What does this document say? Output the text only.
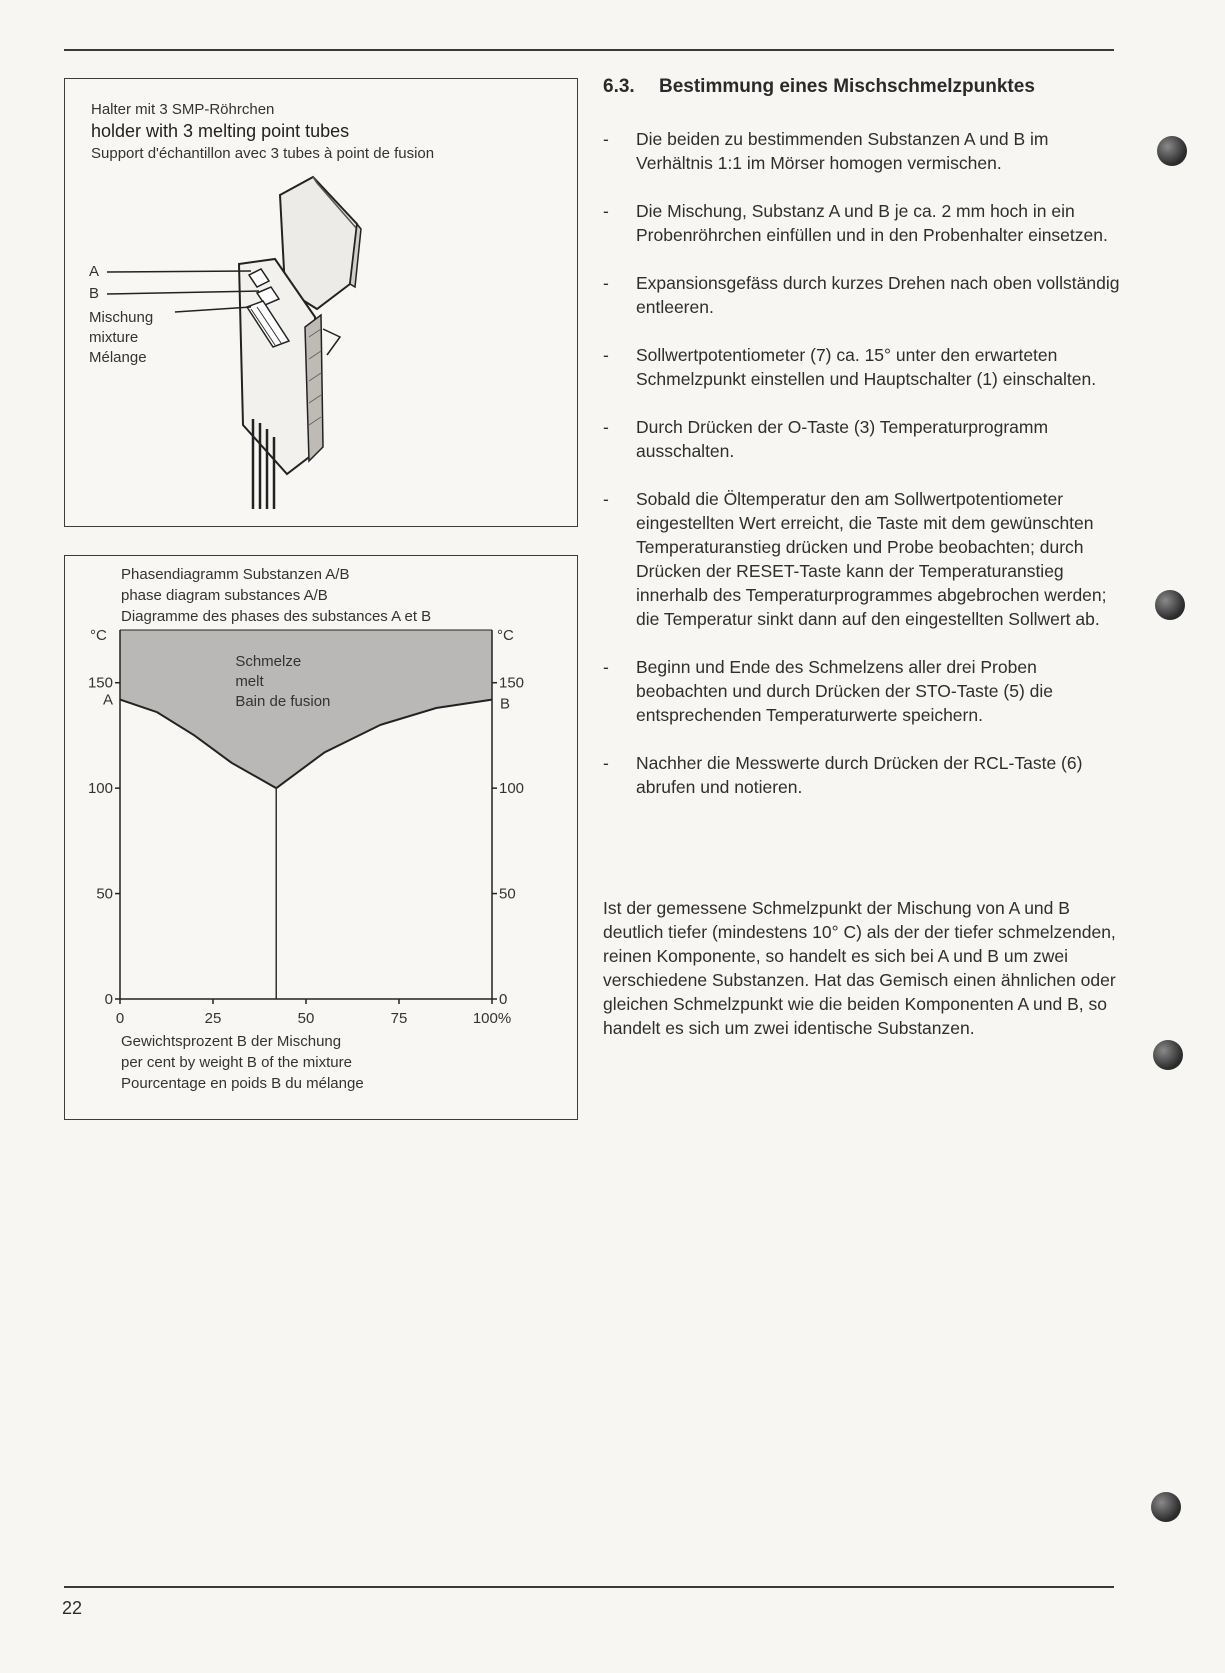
22
Halter mit 3 SMP-Röhrchen
holder with 3 melting point tubes
Support d'échantillon avec 3 tubes à point de fusion
A
B
Mischung
mixture
Mélange
Phasendiagramm Substanzen A/B
phase diagram substances A/B
Diagramme des phases des substances A et B
0
50
100
150
0
50
100
150
0	25	50	75	100%
°C	°C
A	B
Schmelze
melt
Bain de fusion
Gewichtsprozent B der Mischung
per cent by weight B of the mixture
Pourcentage en poids B du mélange
6.3. Bestimmung eines Mischschmelzpunktes
- Die beiden zu bestimmenden Substanzen A und B im Verhältnis 1:1 im Mörser homogen vermischen.
- Die Mischung, Substanz A und B je ca. 2 mm hoch in ein Probenröhrchen einfüllen und in den Probenhalter einsetzen.
- Expansionsgefäss durch kurzes Drehen nach oben vollständig entleeren.
- Sollwertpotentiometer (7) ca. 15° unter den erwarteten Schmelzpunkt einstellen und Hauptschalter (1) einschalten.
- Durch Drücken der O-Taste (3) Temperaturprogramm ausschalten.
- Sobald die Öltemperatur den am Sollwertpotentiometer eingestellten Wert erreicht, die Taste mit dem gewünschten Temperaturanstieg drücken und Probe beobachten; durch Drücken der RESET-Taste kann der Temperaturanstieg innerhalb des Temperaturprogrammes abgebrochen werden; die Temperatur sinkt dann auf den eingestellten Sollwert ab.
- Beginn und Ende des Schmelzens aller drei Proben beobachten und durch Drücken der STO-Taste (5) die entsprechenden Temperaturwerte speichern.
- Nachher die Messwerte durch Drücken der RCL-Taste (6) abrufen und notieren.

Ist der gemessene Schmelzpunkt der Mischung von A und B deutlich tiefer (mindestens 10° C) als der der tiefer schmelzenden, reinen Komponente, so handelt es sich bei A und B um zwei verschiedene Substanzen. Hat das Gemisch einen ähnlichen oder gleichen Schmelzpunkt wie die beiden Komponenten A und B, so handelt es sich um zwei identische Substanzen.
